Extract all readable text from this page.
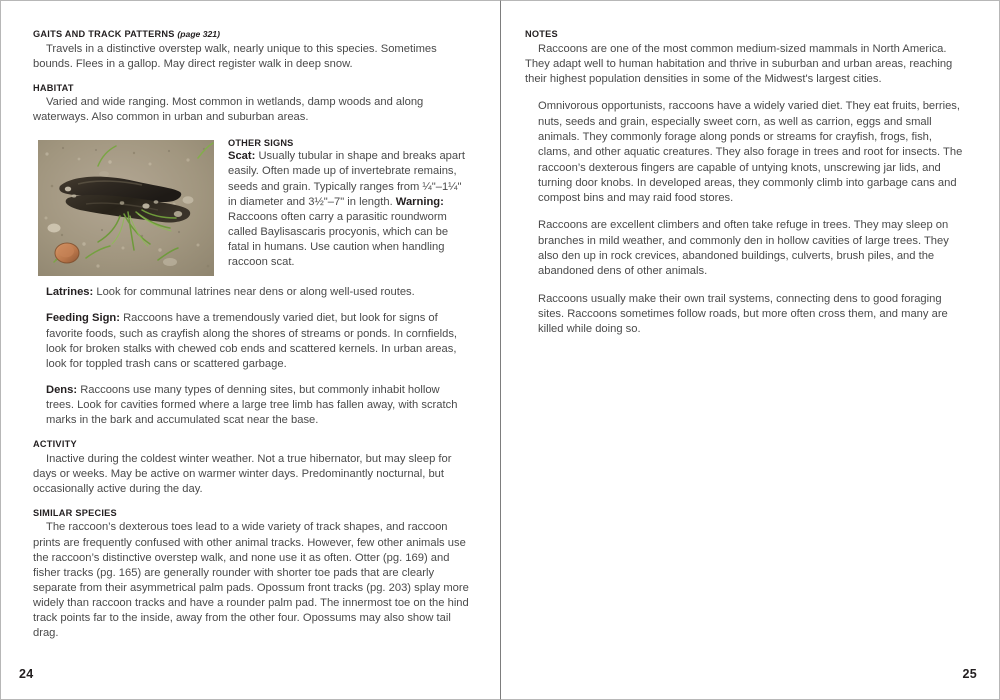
GAITS AND TRACK PATTERNS (page 321)

Travels in a distinctive overstep walk, nearly unique to this species. Sometimes bounds. Flees in a gallop. May direct register walk in deep snow.

HABITAT

Varied and wide ranging. Most common in wetlands, damp woods and along waterways. Also common in urban and suburban areas.

OTHER SIGNS

Scat: Usually tubular in shape and breaks apart easily. Often made up of invertebrate remains, seeds and grain. Typically ranges from ¼"–1¼" in diameter and 3½"–7" in length. Warning: Raccoons often carry a parasitic roundworm called Baylisascaris procyonis, which can be fatal in humans. Use caution when handling raccoon scat.

Latrines: Look for communal latrines near dens or along well-used routes.

Feeding Sign: Raccoons have a tremendously varied diet, but look for signs of favorite foods, such as crayfish along the shores of streams or ponds. In cornfields, look for broken stalks with chewed cob ends and scattered kernels. In urban areas, look for toppled trash cans or scattered garbage.

Dens: Raccoons use many types of denning sites, but commonly inhabit hollow trees. Look for cavities formed where a large tree limb has fallen away, with scratch marks in the bark and accumulated scat near the base.

ACTIVITY

Inactive during the coldest winter weather. Not a true hibernator, but may sleep for days or weeks. May be active on warmer winter days. Predominantly nocturnal, but occasionally active during the day.

SIMILAR SPECIES

The raccoon’s dexterous toes lead to a wide variety of track shapes, and raccoon prints are frequently confused with other animal tracks. However, few other animals use the raccoon’s distinctive overstep walk, and none use it as often. Otter (pg. 169) and fisher tracks (pg. 165) are generally rounder with shorter toe pads that are clearly separate from their asymmetrical palm pads. Opossum front tracks (pg. 203) splay more widely than raccoon tracks and have a rounder palm pad. The innermost toe on the hind track points far to the inside, away from the other four. Opossums may also show tail drag.

24
NOTES

Raccoons are one of the most common medium-sized mammals in North America. They adapt well to human habitation and thrive in suburban and urban areas, reaching their highest population densities in some of the Midwest's largest cities.

Omnivorous opportunists, raccoons have a widely varied diet. They eat fruits, berries, nuts, seeds and grain, especially sweet corn, as well as carrion, eggs and small animals. They commonly forage along ponds or streams for crayfish, frogs, fish, clams, and other aquatic creatures. They also forage in trees and root for insects. The raccoon’s dexterous fingers are capable of untying knots, unscrewing jar lids, and turning door knobs. In developed areas, they commonly climb into garbage cans and compost bins and may raid food stores.

Raccoons are excellent climbers and often take refuge in trees. They may sleep on branches in mild weather, and commonly den in hollow cavities of large trees. They also den up in rock crevices, abandoned buildings, culverts, brush piles, and the abandoned dens of other animals.

Raccoons usually make their own trail systems, connecting dens to good foraging sites. Raccoons sometimes follow roads, but more often cross them, and many are killed while doing so.

25
